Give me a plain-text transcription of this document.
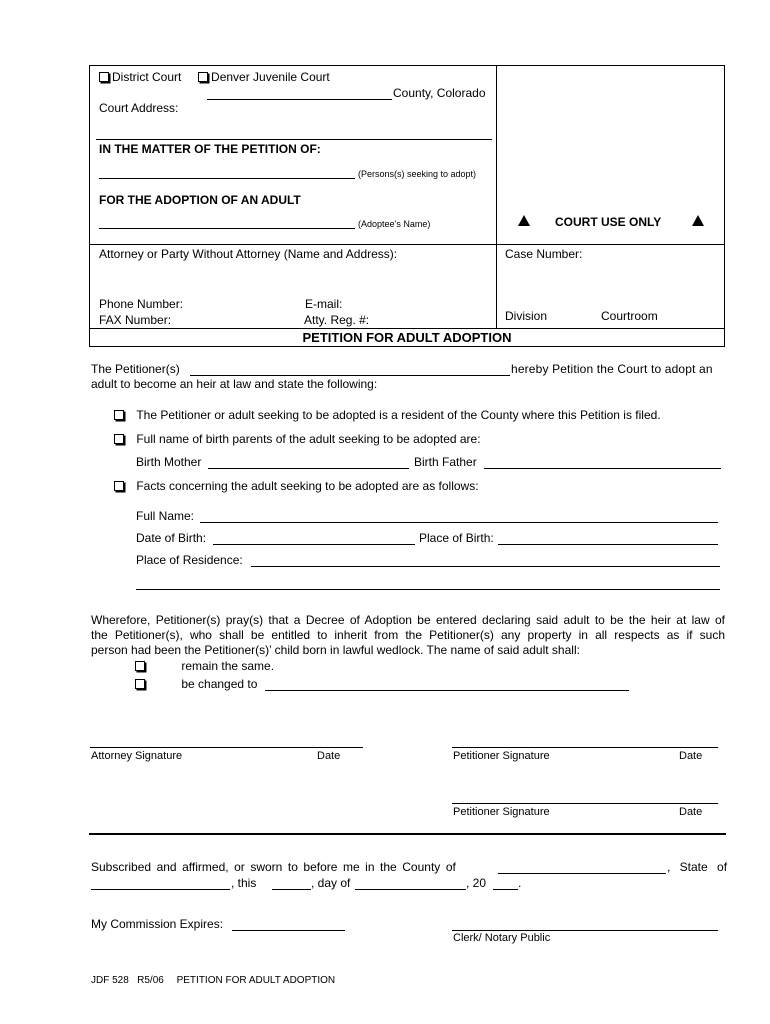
District Court Denver Juvenile Court
County, Colorado
Court Address:
IN THE MATTER OF THE PETITION OF:
(Persons(s) seeking to adopt)
FOR THE ADOPTION OF AN ADULT
(Adoptee’s Name)	COURT USE ONLY
Attorney or Party Without Attorney (Name and Address):	Case Number:
Phone Number:	E-mail:
FAX Number:	Atty. Reg. #:	Division	Courtroom
PETITION FOR ADULT ADOPTION
The Petitioner(s)	hereby Petition the Court to adopt an
adult to become an heir at law and state the following:
The Petitioner or adult seeking to be adopted is a resident of the County where this Petition is filed.
Full name of birth parents of the adult seeking to be adopted are:
Birth Mother	Birth Father
Facts concerning the adult seeking to be adopted are as follows:
Full Name:
Date of Birth:	Place of Birth:
Place of Residence:
Wherefore, Petitioner(s) pray(s) that a Decree of Adoption be entered declaring said adult to be the heir at law of
the Petitioner(s), who shall be entitled to inherit from the Petitioner(s) any property in all respects as if such
person had been the Petitioner(s)’ child born in lawful wedlock. The name of said adult shall:
remain the same.
be changed to
Attorney Signature	Date	Petitioner Signature	Date
Petitioner Signature	Date
Subscribed and affirmed, or sworn to before me in the County of	, State of
, this	, day of	, 20	.
My Commission Expires:
Clerk/ Notary Public
JDF 528   R5/06 PETITION FOR ADULT ADOPTION
